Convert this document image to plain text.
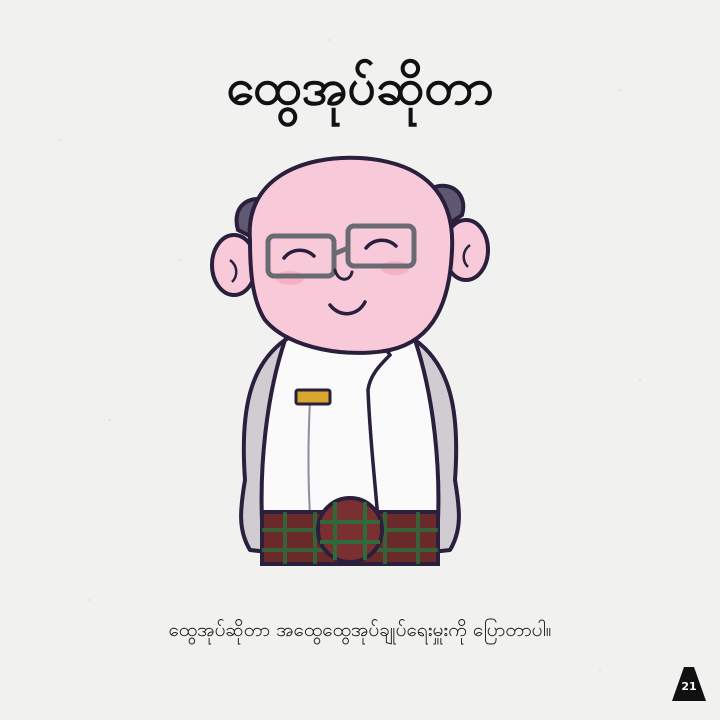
ထွေအုပ်ဆိုတာ
ထွေအုပ်ဆိုတာ အထွေထွေအုပ်ချုပ်ရေးမှူးကို ပြောတာပါ။
21
